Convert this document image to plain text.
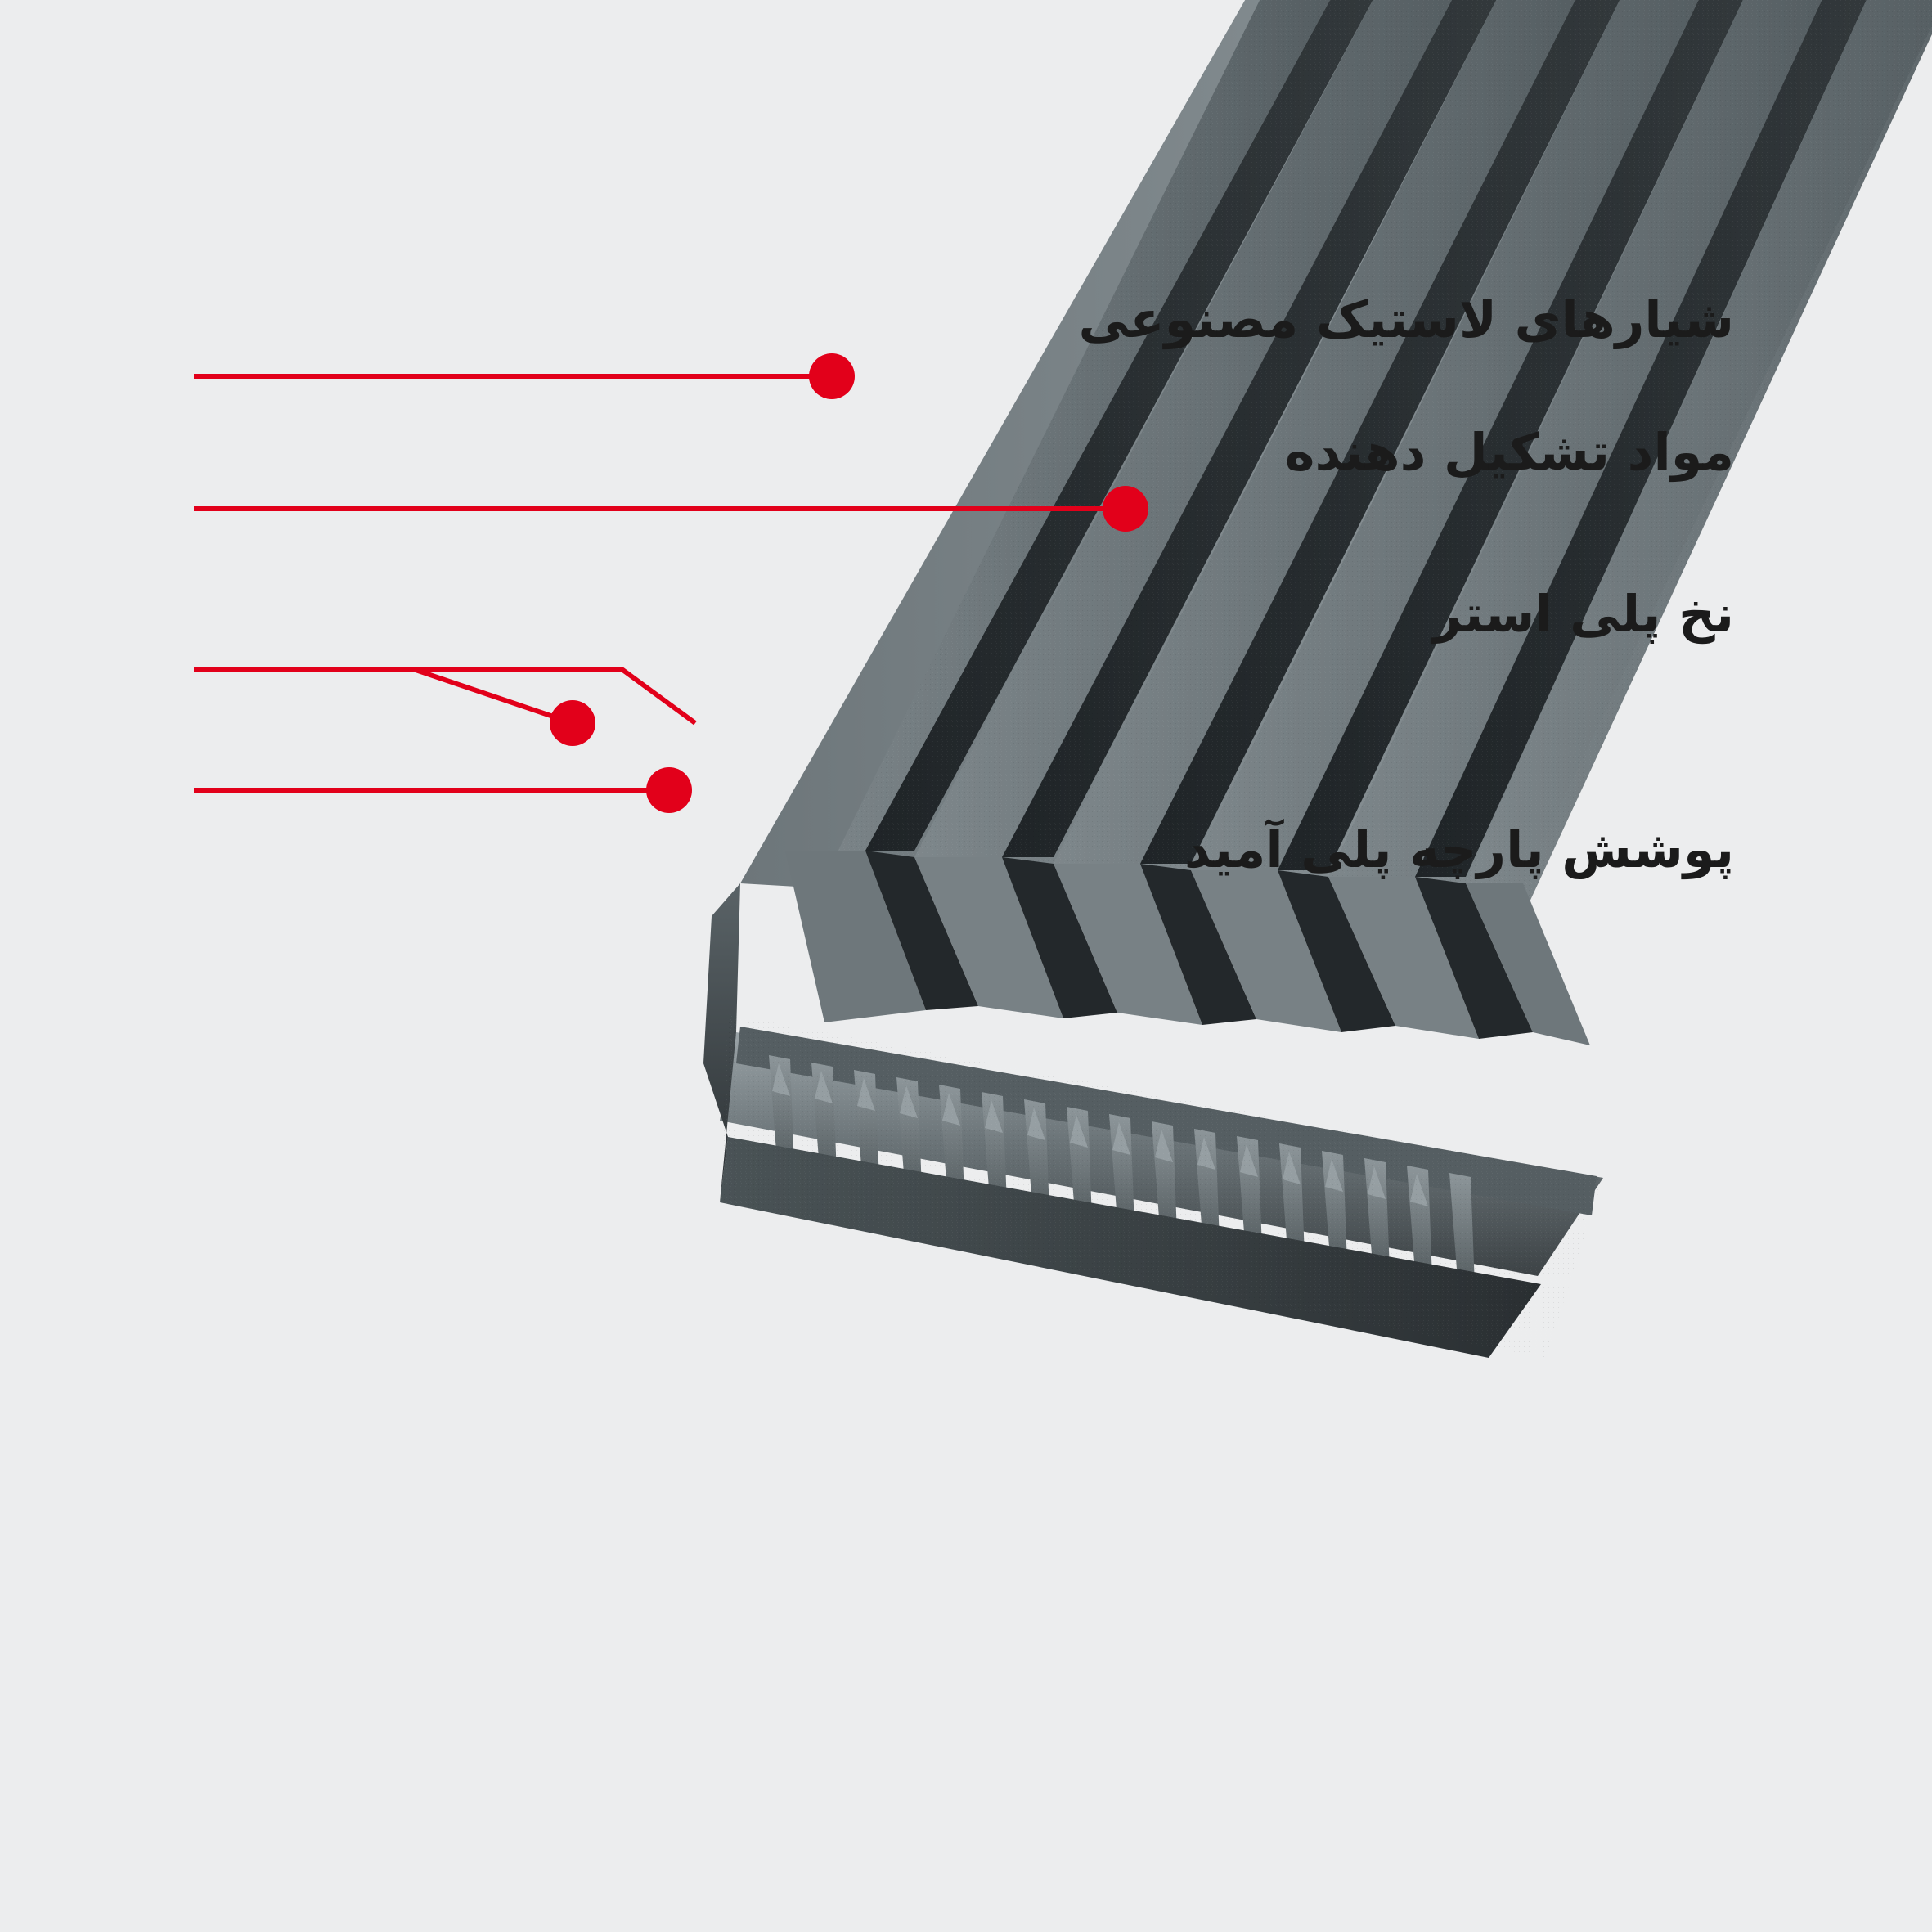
شیارهای لاستیک مصنوعی
مواد تشکیل دهنده
نخ پلی استر
پوشش پارچه پلی آمید
